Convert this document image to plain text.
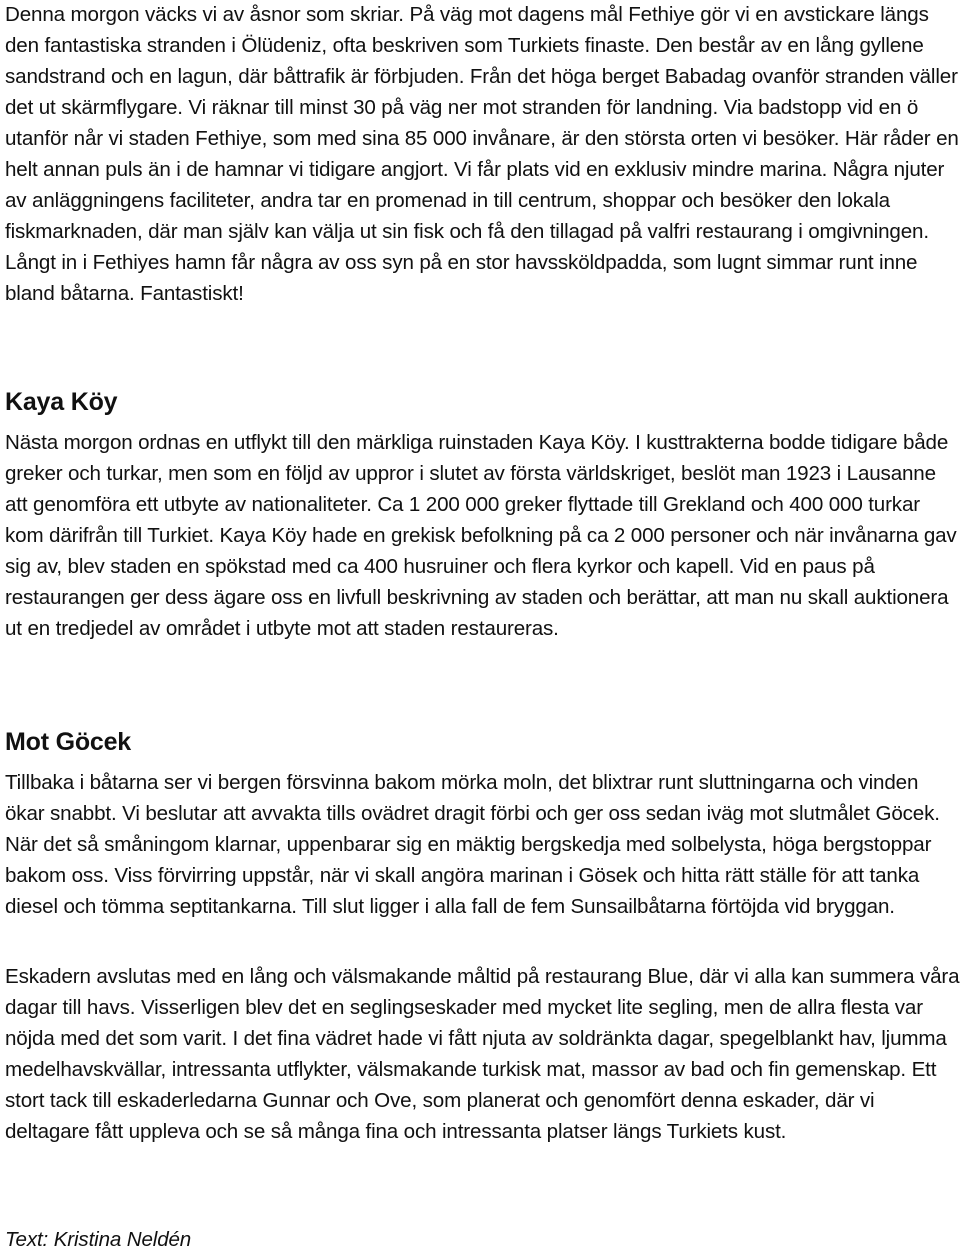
Denna morgon väcks vi av åsnor som skriar. På väg mot dagens mål Fethiye gör vi en avstickare längs den fantastiska stranden i Ölüdeniz, ofta beskriven som Turkiets finaste. Den består av en lång gyllene sandstrand och en lagun, där båttrafik är förbjuden. Från det höga berget Babadag ovanför stranden väller det ut skärmflygare. Vi räknar till minst 30 på väg ner mot stranden för landning. Via badstopp vid en ö utanför når vi staden Fethiye, som med sina 85 000 invånare, är den största orten vi besöker. Här råder en helt annan puls än i de hamnar vi tidigare angjort. Vi får plats vid en exklusiv mindre marina. Några njuter av anläggningens faciliteter, andra tar en promenad in till centrum, shoppar och besöker den lokala fiskmarknaden, där man själv kan välja ut sin fisk och få den tillagad på valfri restaurang i omgivningen. Långt in i Fethiyes hamn får några av oss syn på en stor havssköldpadda, som lugnt simmar runt inne bland båtarna. Fantastiskt!

Kaya Köy

Nästa morgon ordnas en utflykt till den märkliga ruinstaden Kaya Köy. I kusttrakterna bodde tidigare både greker och turkar, men som en följd av uppror i slutet av första världskriget, beslöt man 1923 i Lausanne att genomföra ett utbyte av nationaliteter. Ca 1 200 000 greker flyttade till Grekland och 400 000 turkar kom därifrån till Turkiet. Kaya Köy hade en grekisk befolkning på ca 2 000 personer och när invånarna gav sig av, blev staden en spökstad med ca 400 husruiner och flera kyrkor och kapell. Vid en paus på restaurangen ger dess ägare oss en livfull beskrivning av staden och berättar, att man nu skall auktionera ut en tredjedel av området i utbyte mot att staden restaureras.

Mot Göcek

Tillbaka i båtarna ser vi bergen försvinna bakom mörka moln, det blixtrar runt sluttningarna och vinden ökar snabbt. Vi beslutar att avvakta tills ovädret dragit förbi och ger oss sedan iväg mot slutmålet Göcek. När det så småningom klarnar, uppenbarar sig en mäktig bergskedja med solbelysta, höga bergstoppar bakom oss. Viss förvirring uppstår, när vi skall angöra marinan i Gösek och hitta rätt ställe för att tanka diesel och tömma septitankarna. Till slut ligger i alla fall de fem Sunsailbåtarna förtöjda vid bryggan.

Eskadern avslutas med en lång och välsmakande måltid på restaurang Blue, där vi alla kan summera våra dagar till havs. Visserligen blev det en seglingseskader med mycket lite segling, men de allra flesta var nöjda med det som varit. I det fina vädret hade vi fått njuta av soldränkta dagar, spegelblankt hav, ljumma medelhavskvällar, intressanta utflykter, välsmakande turkisk mat, massor av bad och fin gemenskap. Ett stort tack till eskaderledarna Gunnar och Ove, som planerat och genomfört denna eskader, där vi deltagare fått uppleva och se så många fina och intressanta platser längs Turkiets kust.

Text: Kristina Neldén
